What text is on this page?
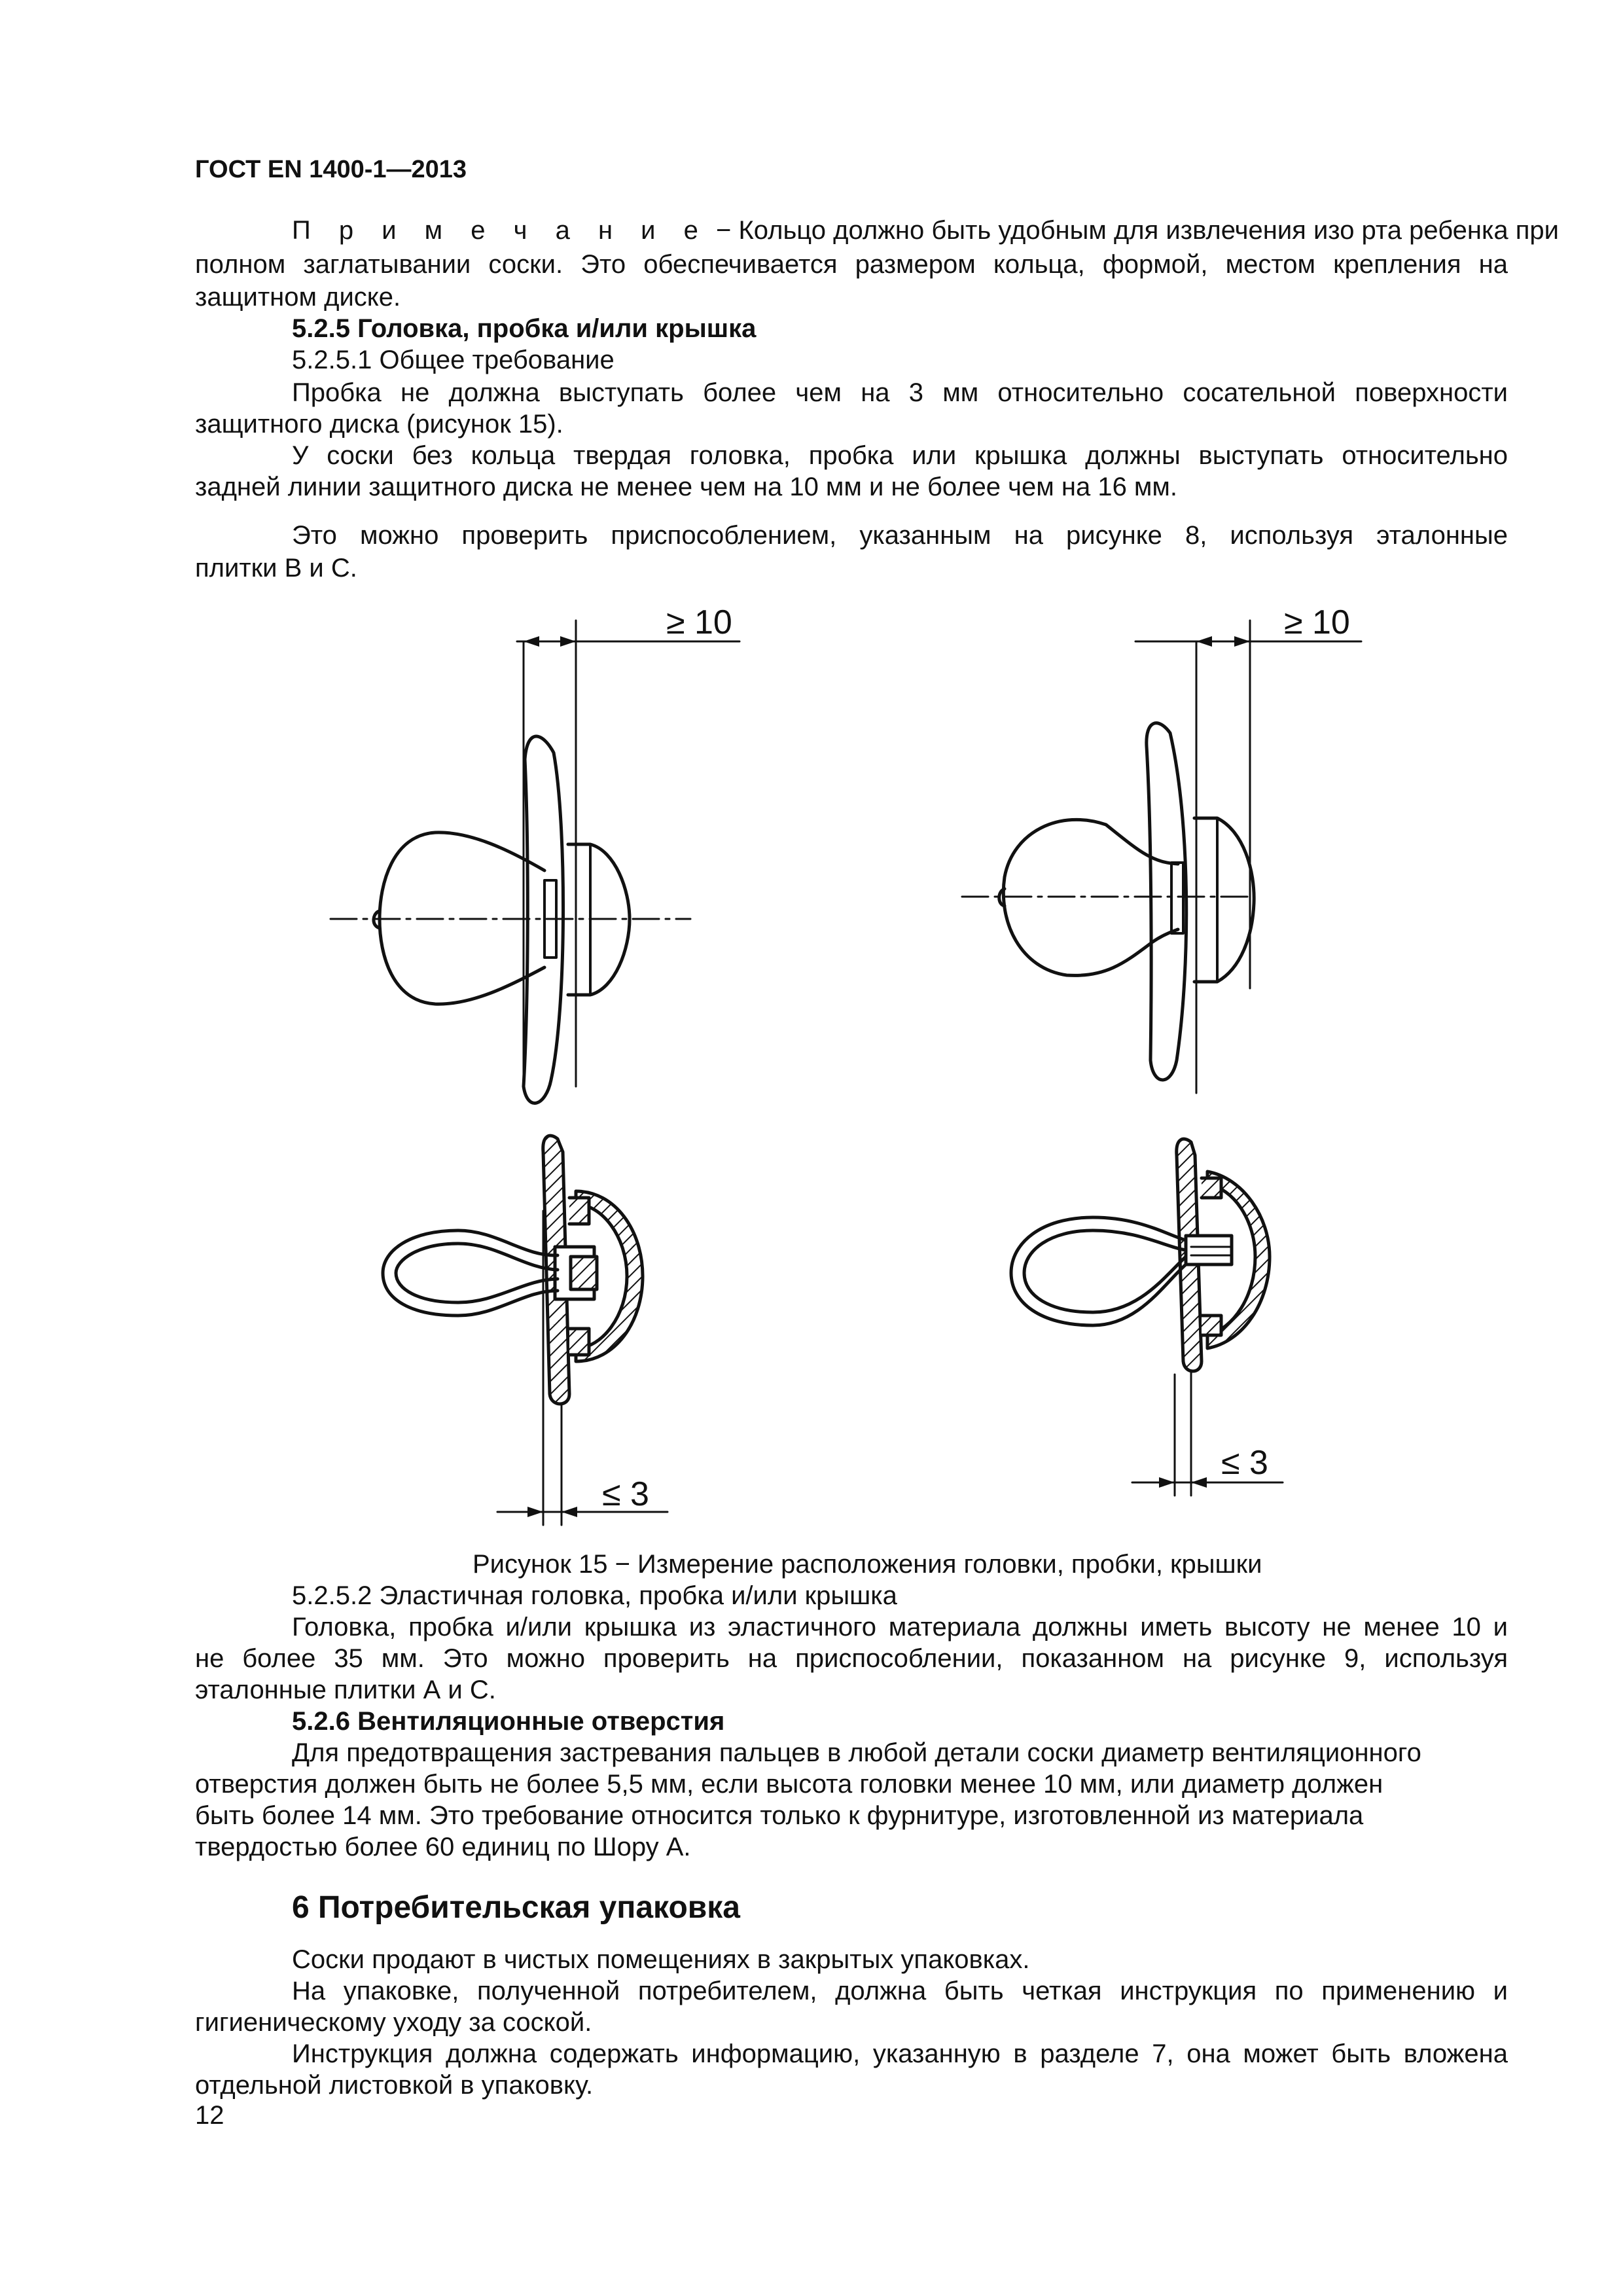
ГОСТ EN 1400-1—2013
П р и м е ч а н и е − Кольцо должно быть удобным для извлечения изо рта ребенка при
полном заглатывании соски. Это обеспечивается размером кольца, формой, местом крепления на
защитном диске.
5.2.5 Головка, пробка и/или крышка
5.2.5.1 Общее требование
Пробка не должна выступать более чем на 3 мм относительно сосательной поверхности
защитного диска (рисунок 15).
У соски без кольца твердая головка, пробка или крышка должны выступать относительно
задней линии защитного диска не менее чем на 10 мм и не более чем на 16 мм.
Это можно проверить приспособлением, указанным на рисунке 8, используя эталонные
плитки В и С.
≥ 10	≥ 10
≤ 3
≤ 3
Рисунок 15 − Измерение расположения головки, пробки, крышки
5.2.5.2 Эластичная головка, пробка и/или крышка
Головка, пробка и/или крышка из эластичного материала должны иметь высоту не менее 10 и
не более 35 мм. Это можно проверить на приспособлении, показанном на рисунке 9, используя
эталонные плитки А и С.
5.2.6 Вентиляционные отверстия
Для предотвращения застревания пальцев в любой детали соски диаметр вентиляционного
отверстия должен быть не более 5,5 мм, если высота головки менее 10 мм, или диаметр должен
быть более 14 мм. Это требование относится только к фурнитуре, изготовленной из материала
твердостью более 60 единиц по Шору А.
6 Потребительская упаковка
Соски продают в чистых помещениях в закрытых упаковках.
На упаковке, полученной потребителем, должна быть четкая инструкция по применению и
гигиеническому уходу за соской.
Инструкция должна содержать информацию, указанную в разделе 7, она может быть вложена
отдельной листовкой в упаковку.
12
